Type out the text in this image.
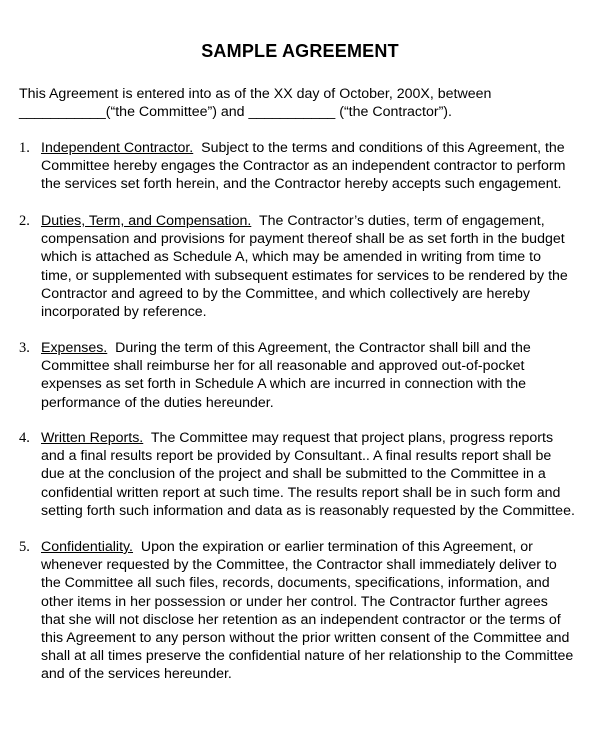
SAMPLE AGREEMENT
This Agreement is entered into as of the XX day of October, 200X, between
___________(“the Committee”) and ___________ (“the Contractor”).
1. Independent Contractor. Subject to the terms and conditions of this Agreement, the
Committee hereby engages the Contractor as an independent contractor to perform
the services set forth herein, and the Contractor hereby accepts such engagement.
2. Duties, Term, and Compensation. The Contractor’s duties, term of engagement,
compensation and provisions for payment thereof shall be as set forth in the budget
which is attached as Schedule A, which may be amended in writing from time to
time, or supplemented with subsequent estimates for services to be rendered by the
Contractor and agreed to by the Committee, and which collectively are hereby
incorporated by reference.
3. Expenses. During the term of this Agreement, the Contractor shall bill and the
Committee shall reimburse her for all reasonable and approved out-of-pocket
expenses as set forth in Schedule A which are incurred in connection with the
performance of the duties hereunder.
4. Written Reports. The Committee may request that project plans, progress reports
and a final results report be provided by Consultant.. A final results report shall be
due at the conclusion of the project and shall be submitted to the Committee in a
confidential written report at such time. The results report shall be in such form and
setting forth such information and data as is reasonably requested by the Committee.
5. Confidentiality. Upon the expiration or earlier termination of this Agreement, or
whenever requested by the Committee, the Contractor shall immediately deliver to
the Committee all such files, records, documents, specifications, information, and
other items in her possession or under her control. The Contractor further agrees
that she will not disclose her retention as an independent contractor or the terms of
this Agreement to any person without the prior written consent of the Committee and
shall at all times preserve the confidential nature of her relationship to the Committee
and of the services hereunder.
